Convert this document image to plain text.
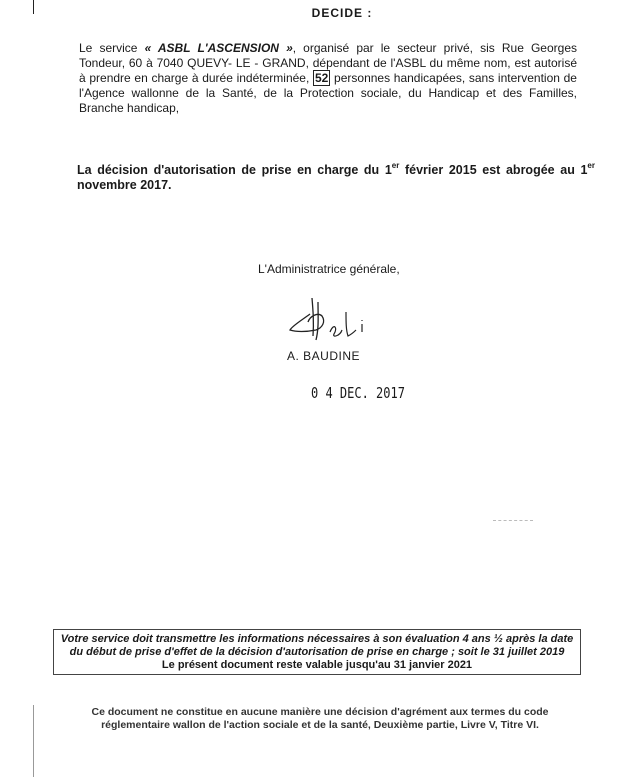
DECIDE :
Le service « ASBL L'ASCENSION », organisé par le secteur privé, sis Rue Georges Tondeur, 60 à 7040 QUEVY- LE - GRAND, dépendant de l'ASBL du même nom, est autorisé à prendre en charge à durée indéterminée, 52 personnes handicapées, sans intervention de l'Agence wallonne de la Santé, de la Protection sociale, du Handicap et des Familles, Branche handicap,
La décision d'autorisation de prise en charge du 1er février 2015 est abrogée au 1er novembre 2017.
L'Administratrice générale,
A. BAUDINE
0 4 DEC. 2017
Votre service doit transmettre les informations nécessaires à son évaluation 4 ans ½ après la date du début de prise d'effet de la décision d'autorisation de prise en charge ; soit le 31 juillet 2019
Le présent document reste valable jusqu'au 31 janvier 2021
Ce document ne constitue en aucune manière une décision d'agrément aux termes du code réglementaire wallon de l'action sociale et de la santé, Deuxième partie, Livre V, Titre VI.
